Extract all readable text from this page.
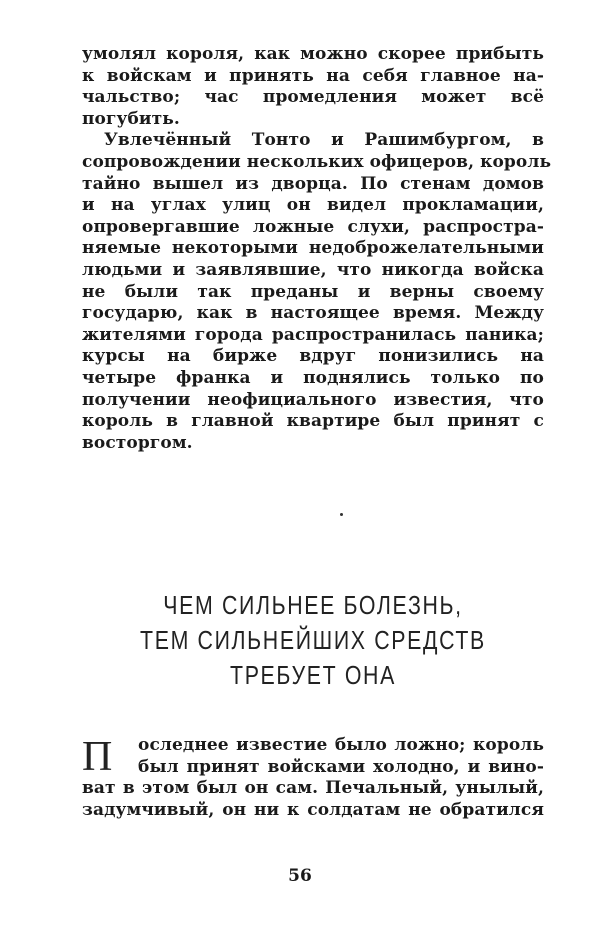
умолял короля, как можно скорее прибыть
к войскам и принять на себя главное на-
чальство; час промедления может всё
погубить.
Увлечённый Тонто и Рашимбургом, в
сопровождении нескольких офицеров, король
тайно вышел из дворца. По стенам домов
и на углах улиц он видел прокламации,
опровергавшие ложные слухи, распростра-
няемые некоторыми недоброжелательными
людьми и заявлявшие, что никогда войска
не были так преданы и верны своему
государю, как в настоящее время. Между
жителями города распространилась паника;
курсы на бирже вдруг понизились на
четыре франка и поднялись только по
получении неофициального известия, что
король в главной квартире был принят с
восторгом.
ЧЕМ СИЛЬНЕЕ БОЛЕЗНЬ,
ТЕМ СИЛЬНЕЙШИХ СРЕДСТВ
ТРЕБУЕТ ОНА
П	оследнее известие было ложно; король
был принят войсками холодно, и вино-
ват в этом был он сам. Печальный, унылый,
задумчивый, он ни к солдатам не обратился
56
